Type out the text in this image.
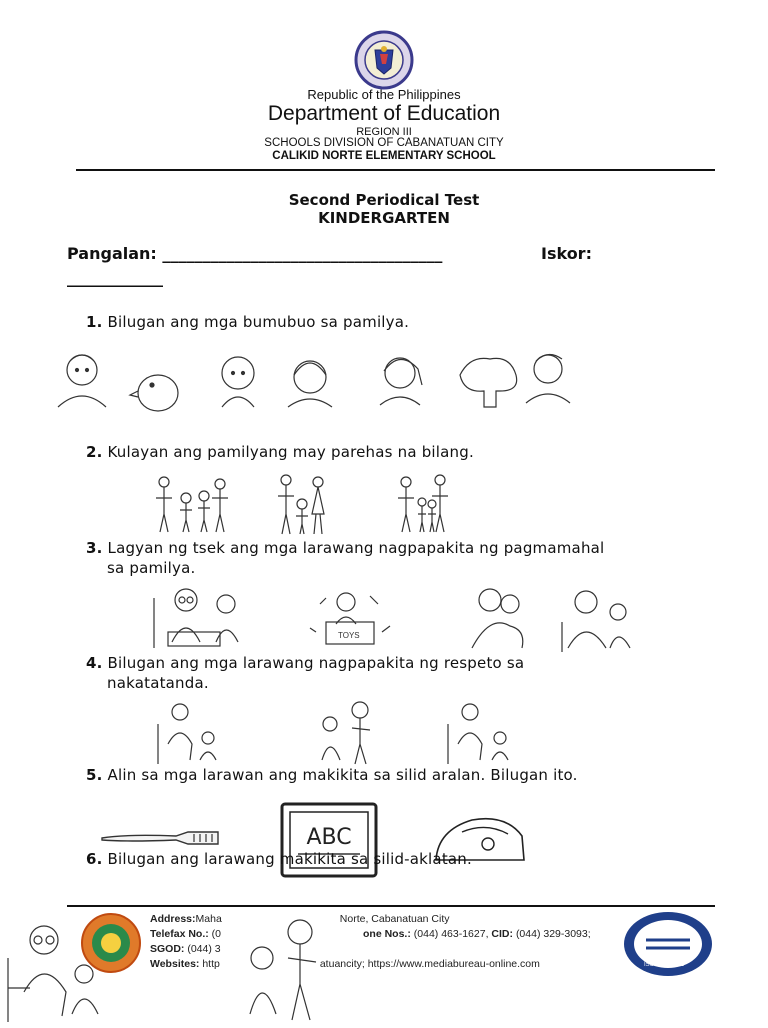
Republic of the Philippines
Department of Education
REGION III
SCHOOLS DIVISION OF CABANATUAN CITY
CALIKID NORTE ELEMENTARY SCHOOL
Second Periodical Test
KINDERGARTEN
Pangalan: ___________________________________	Iskor:
____________
1. Bilugan ang mga bumubuo sa pamilya.
2. Kulayan ang pamilyang may parehas na bilang.
3. Lagyan ng tsek ang mga larawang nagpapakita ng pagmamahal
sa pamilya.
TOYS
4. Bilugan ang mga larawang nagpapakita ng respeto sa
nakatatanda.
5. Alin sa mga larawan ang makikita sa silid aralan. Bilugan ito.
ABC
6. Bilugan ang larawang makikita sa silid-aklatan.
Address:Maha	Norte, Cabanatuan City
Telefax No.: (0	one Nos.: (044) 463-1627, CID: (044) 329-3093;
SGOD: (044) 3
Websites: http	atuancity; https://www.mediabureau-online.com	ISO 9001:2015
